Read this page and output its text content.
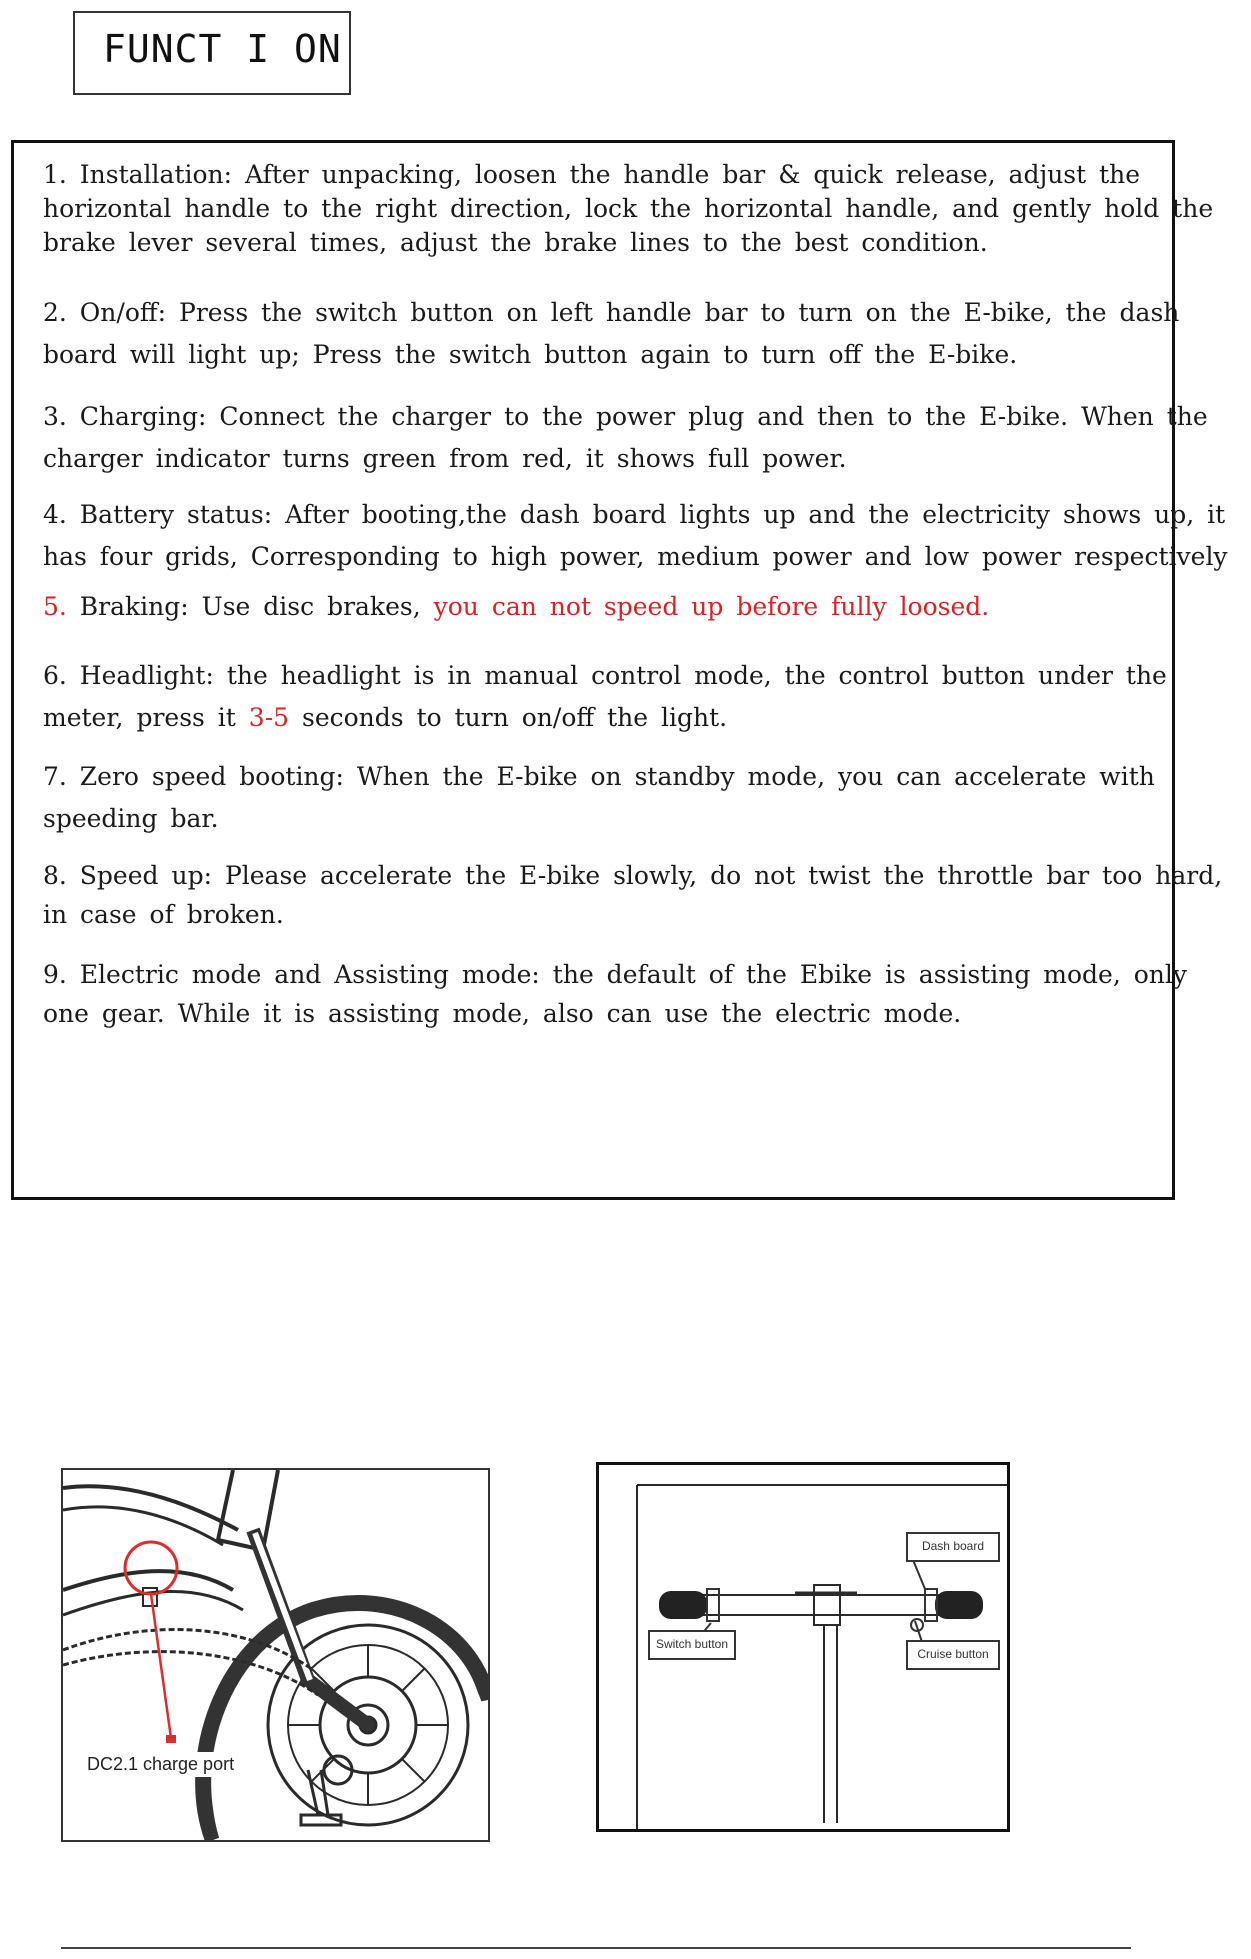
FUNCT I ON

1. Installation: After unpacking, loosen the handle bar & quick release, adjust the horizontal handle to the right direction, lock the horizontal handle, and gently hold the brake lever several times, adjust the brake lines to the best condition.

2. On/off: Press the switch button on left handle bar to turn on the E-bike, the dash board will light up; Press the switch button again to turn off the E-bike.

3. Charging: Connect the charger to the power plug and then to the E-bike. When the charger indicator turns green from red, it shows full power.

4. Battery status: After booting,the dash board lights up and the electricity shows up, it has four grids, Corresponding to high power, medium power and low power respectively

5. Braking: Use disc brakes, you can not speed up before fully loosed.

6. Headlight: the headlight is in manual control mode, the control button under the meter, press it 3-5 seconds to turn on/off the light.

7. Zero speed booting: When the E-bike on standby mode, you can accelerate with speeding bar.

8. Speed up: Please accelerate the E-bike slowly, do not twist the throttle bar too hard, in case of broken.

9. Electric mode and Assisting mode: the default of the Ebike is assisting mode, only one gear. While it is assisting mode, also can use the electric mode.

DC2.1 charge port
Switch button
Dash board
Cruise button
